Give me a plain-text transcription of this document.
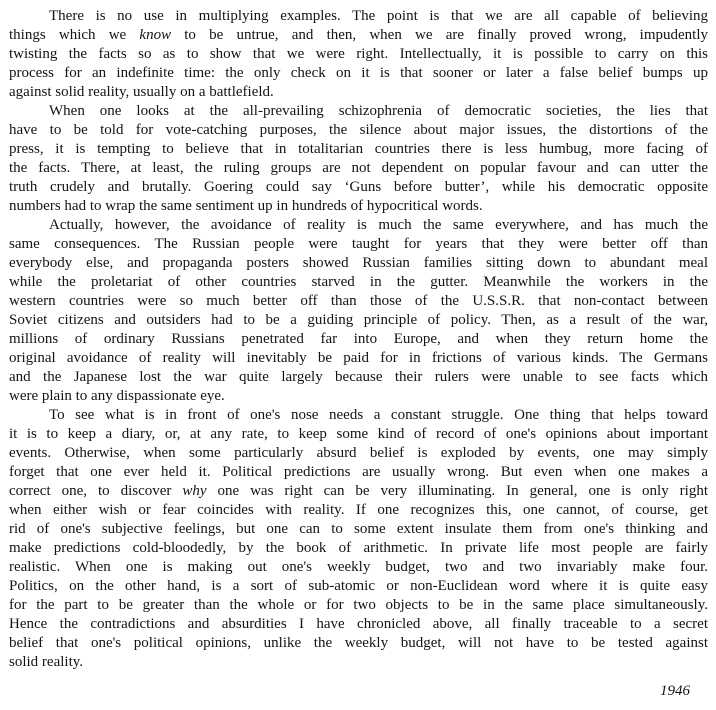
There is no use in multiplying examples. The point is that we are all capable of believing
things which we know to be untrue, and then, when we are finally proved wrong, impudently
twisting the facts so as to show that we were right. Intellectually, it is possible to carry on this
process for an indefinite time: the only check on it is that sooner or later a false belief bumps up
against solid reality, usually on a battlefield.
When one looks at the all-prevailing schizophrenia of democratic societies, the lies that
have to be told for vote-catching purposes, the silence about major issues, the distortions of the
press, it is tempting to believe that in totalitarian countries there is less humbug, more facing of
the facts. There, at least, the ruling groups are not dependent on popular favour and can utter the
truth crudely and brutally. Goering could say ‘Guns before butter’, while his democratic opposite
numbers had to wrap the same sentiment up in hundreds of hypocritical words.
Actually, however, the avoidance of reality is much the same everywhere, and has much the
same consequences. The Russian people were taught for years that they were better off than
everybody else, and propaganda posters showed Russian families sitting down to abundant meal
while the proletariat of other countries starved in the gutter. Meanwhile the workers in the
western countries were so much better off than those of the U.S.S.R. that non-contact between
Soviet citizens and outsiders had to be a guiding principle of policy. Then, as a result of the war,
millions of ordinary Russians penetrated far into Europe, and when they return home the
original avoidance of reality will inevitably be paid for in frictions of various kinds. The Germans
and the Japanese lost the war quite largely because their rulers were unable to see facts which
were plain to any dispassionate eye.
To see what is in front of one's nose needs a constant struggle. One thing that helps toward
it is to keep a diary, or, at any rate, to keep some kind of record of one's opinions about important
events. Otherwise, when some particularly absurd belief is exploded by events, one may simply
forget that one ever held it. Political predictions are usually wrong. But even when one makes a
correct one, to discover why one was right can be very illuminating. In general, one is only right
when either wish or fear coincides with reality. If one recognizes this, one cannot, of course, get
rid of one's subjective feelings, but one can to some extent insulate them from one's thinking and
make predictions cold-bloodedly, by the book of arithmetic. In private life most people are fairly
realistic. When one is making out one's weekly budget, two and two invariably make four.
Politics, on the other hand, is a sort of sub-atomic or non-Euclidean word where it is quite easy
for the part to be greater than the whole or for two objects to be in the same place simultaneously.
Hence the contradictions and absurdities I have chronicled above, all finally traceable to a secret
belief that one's political opinions, unlike the weekly budget, will not have to be tested against
solid reality.
1946
